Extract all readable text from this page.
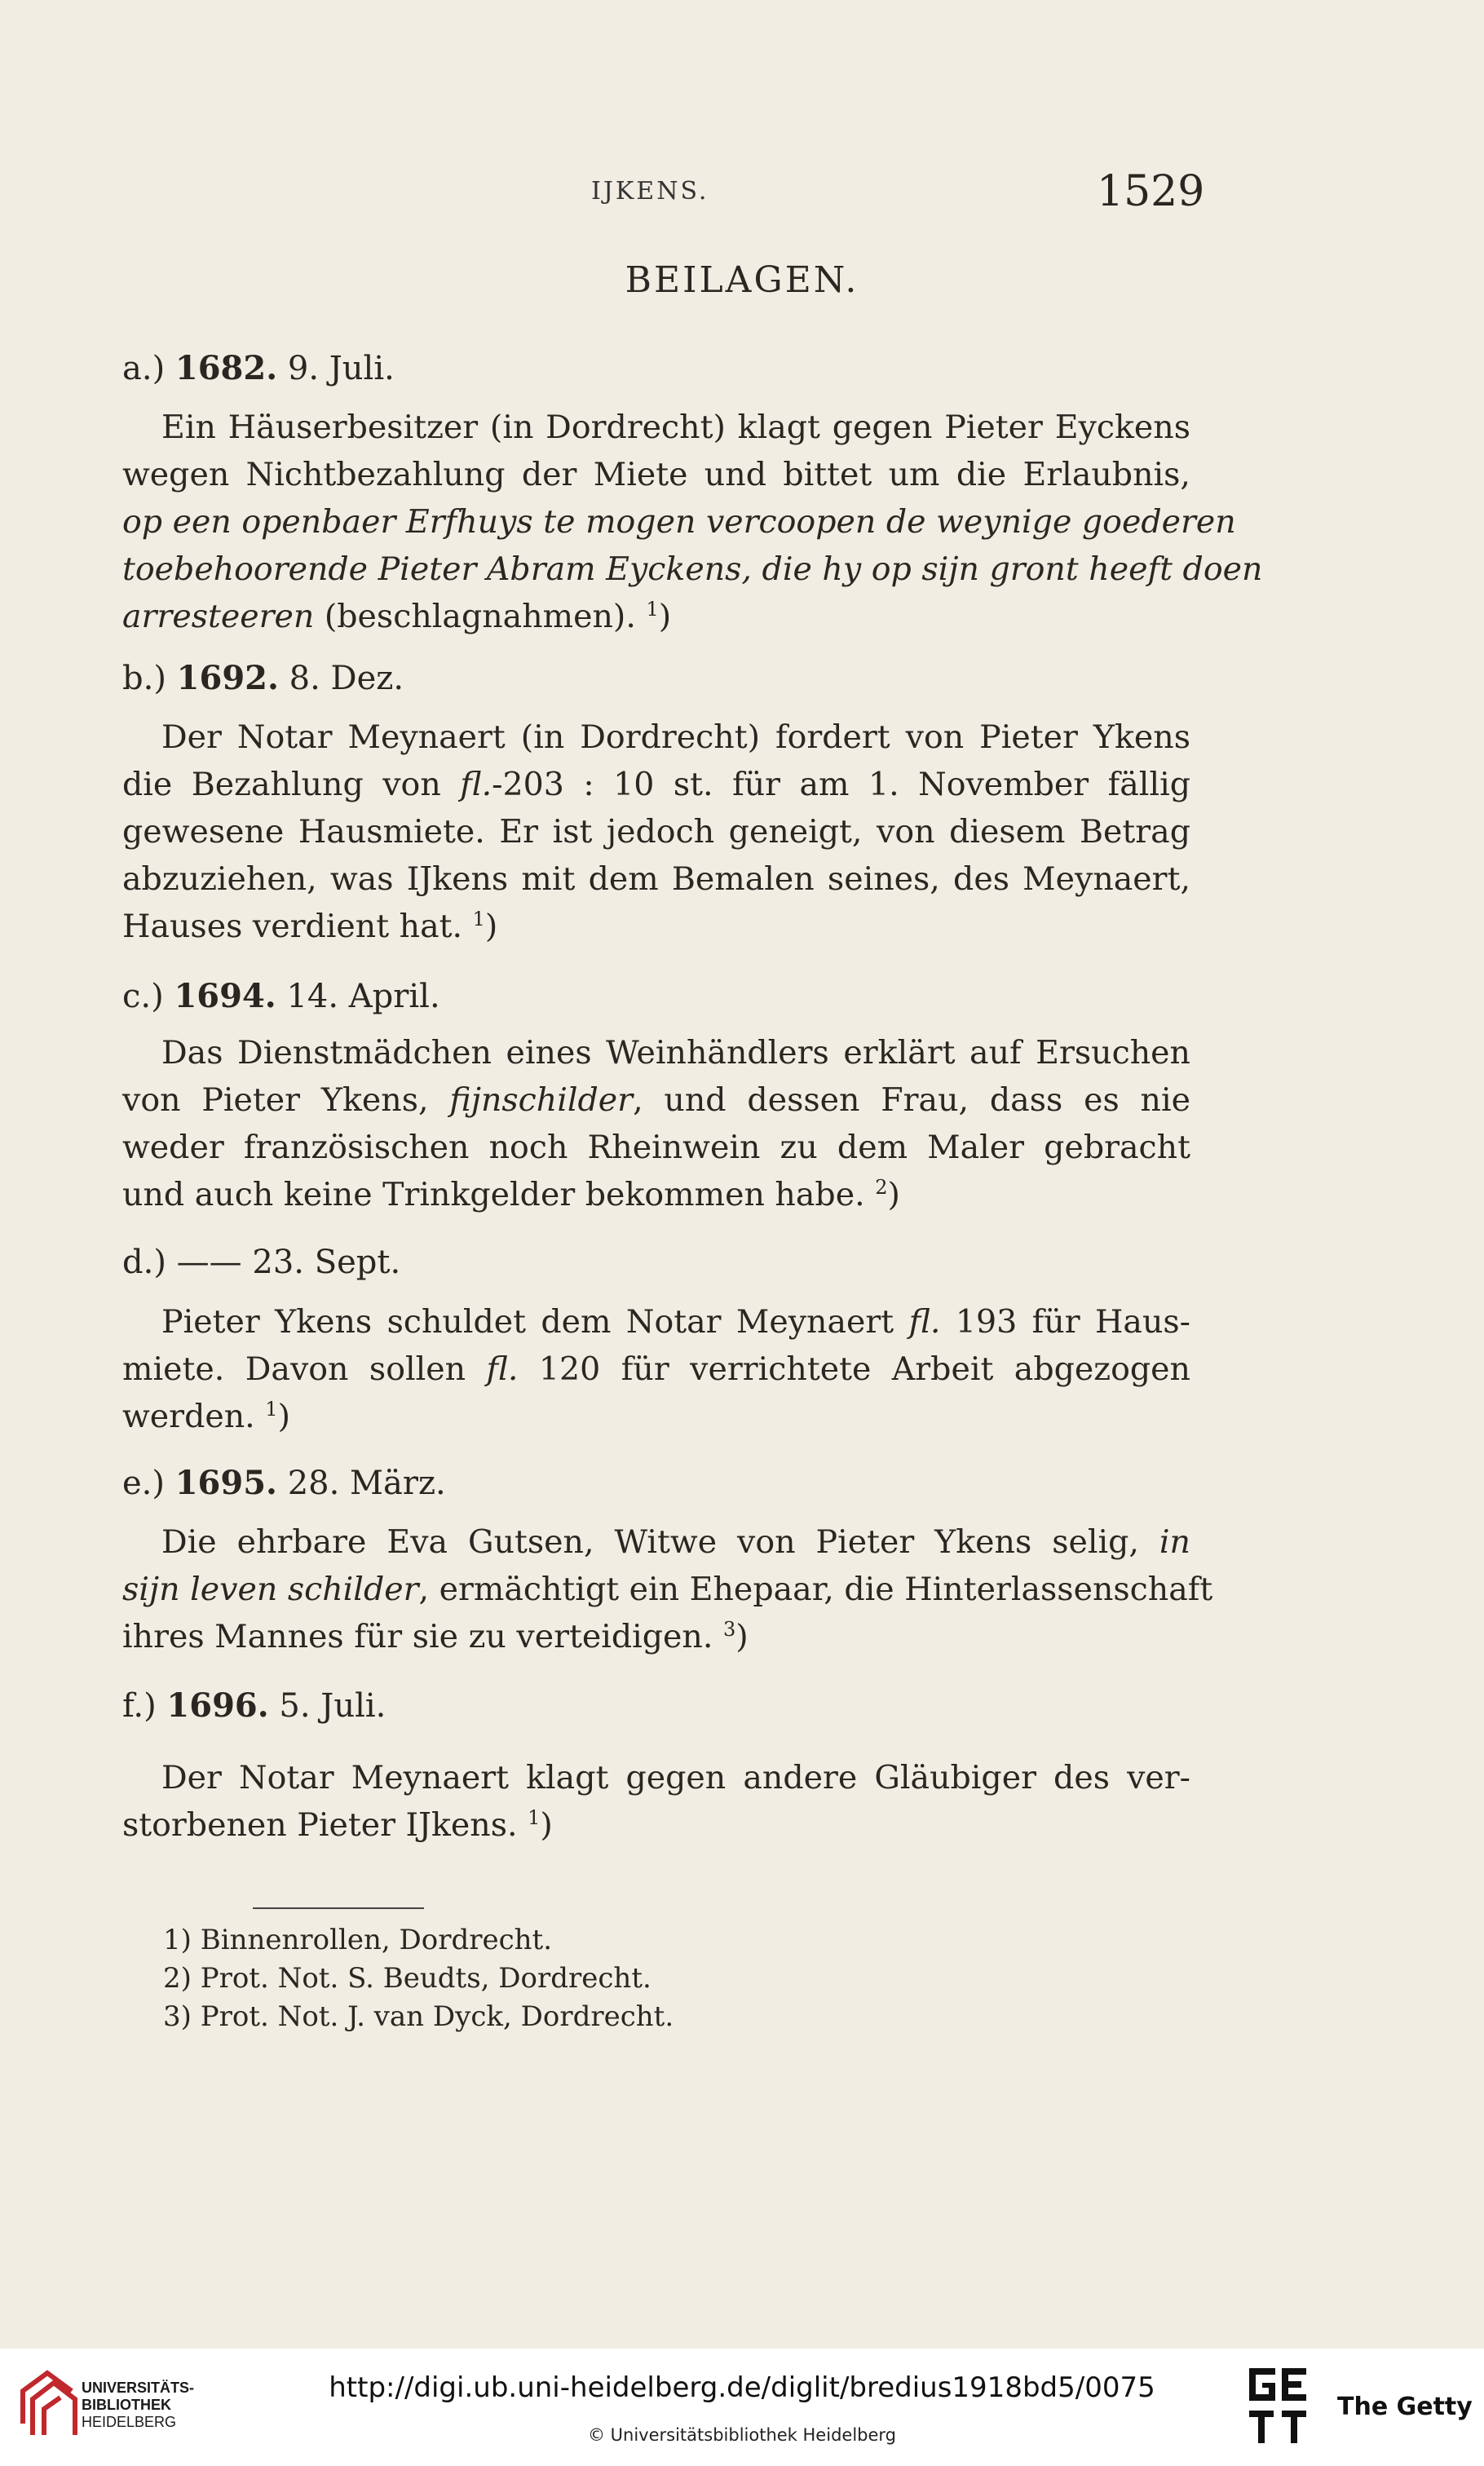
IJKENS.	1529
BEILAGEN.
a.) 1682. 9. Juli.
Ein Häuserbesitzer (in Dordrecht) klagt gegen Pieter Eyckens
wegen Nichtbezahlung der Miete und bittet um die Erlaubnis,
op een openbaer Erfhuys te mogen vercoopen de weynige goederen
toebehoorende Pieter Abram Eyckens, die hy op sijn gront heeft doen
arresteeren (beschlagnahmen). $^1$)
b.) 1692. 8. Dez.
Der Notar Meynaert (in Dordrecht) fordert von Pieter Ykens
die Bezahlung von fl.-203 : 10 st. für am 1. November fällig
gewesene Hausmiete. Er ist jedoch geneigt, von diesem Betrag
abzuziehen, was IJkens mit dem Bemalen seines, des Meynaert,
Hauses verdient hat. $^1$)
c.) 1694. 14. April.
Das Dienstmädchen eines Weinhändlers erklärt auf Ersuchen
von Pieter Ykens, fijnschilder, und dessen Frau, dass es nie
weder französischen noch Rheinwein zu dem Maler gebracht
und auch keine Trinkgelder bekommen habe. $^2$)
d.) —— 23. Sept.
Pieter Ykens schuldet dem Notar Meynaert fl. 193 für Haus-
miete. Davon sollen fl. 120 für verrichtete Arbeit abgezogen
werden. $^1$)
e.) 1695. 28. März.
Die ehrbare Eva Gutsen, Witwe von Pieter Ykens selig, in
sijn leven schilder, ermächtigt ein Ehepaar, die Hinterlassenschaft
ihres Mannes für sie zu verteidigen. $^3$)
f.) 1696. 5. Juli.
Der Notar Meynaert klagt gegen andere Gläubiger des ver-
storbenen Pieter IJkens. $^1$)
1) Binnenrollen, Dordrecht.
2) Prot. Not. S. Beudts, Dordrecht.
3) Prot. Not. J. van Dyck, Dordrecht.
UNIVERSITÄTS-
BIBLIOTHEK
HEIDELBERG
http://digi.ub.uni-heidelberg.de/diglit/bredius1918bd5/0075
© Universitätsbibliothek Heidelberg
The Getty
